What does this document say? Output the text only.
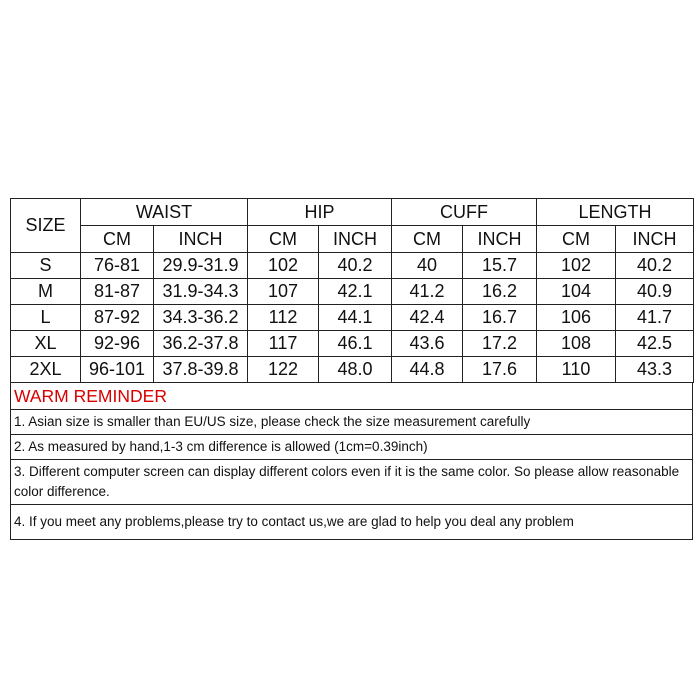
SIZE	WAIST		HIP		CUFF		LENGTH	
	CM	INCH	CM	INCH	CM	INCH	CM	INCH
S	76-81	29.9-31.9	102	40.2	40	15.7	102	40.2
M	81-87	31.9-34.3	107	42.1	41.2	16.2	104	40.9
L	87-92	34.3-36.2	112	44.1	42.4	16.7	106	41.7
XL	92-96	36.2-37.8	117	46.1	43.6	17.2	108	42.5
2XL	96-101	37.8-39.8	122	48.0	44.8	17.6	110	43.3
WARM REMINDER
1. Asian size is smaller than EU/US size, please check the size measurement carefully
2. As measured by hand,1-3 cm difference is allowed (1cm=0.39inch)
3. Different computer screen can display different colors even if it is the same color. So please allow reasonable color difference.
4. If you meet any problems,please try to contact us,we are glad to help you deal any problem
